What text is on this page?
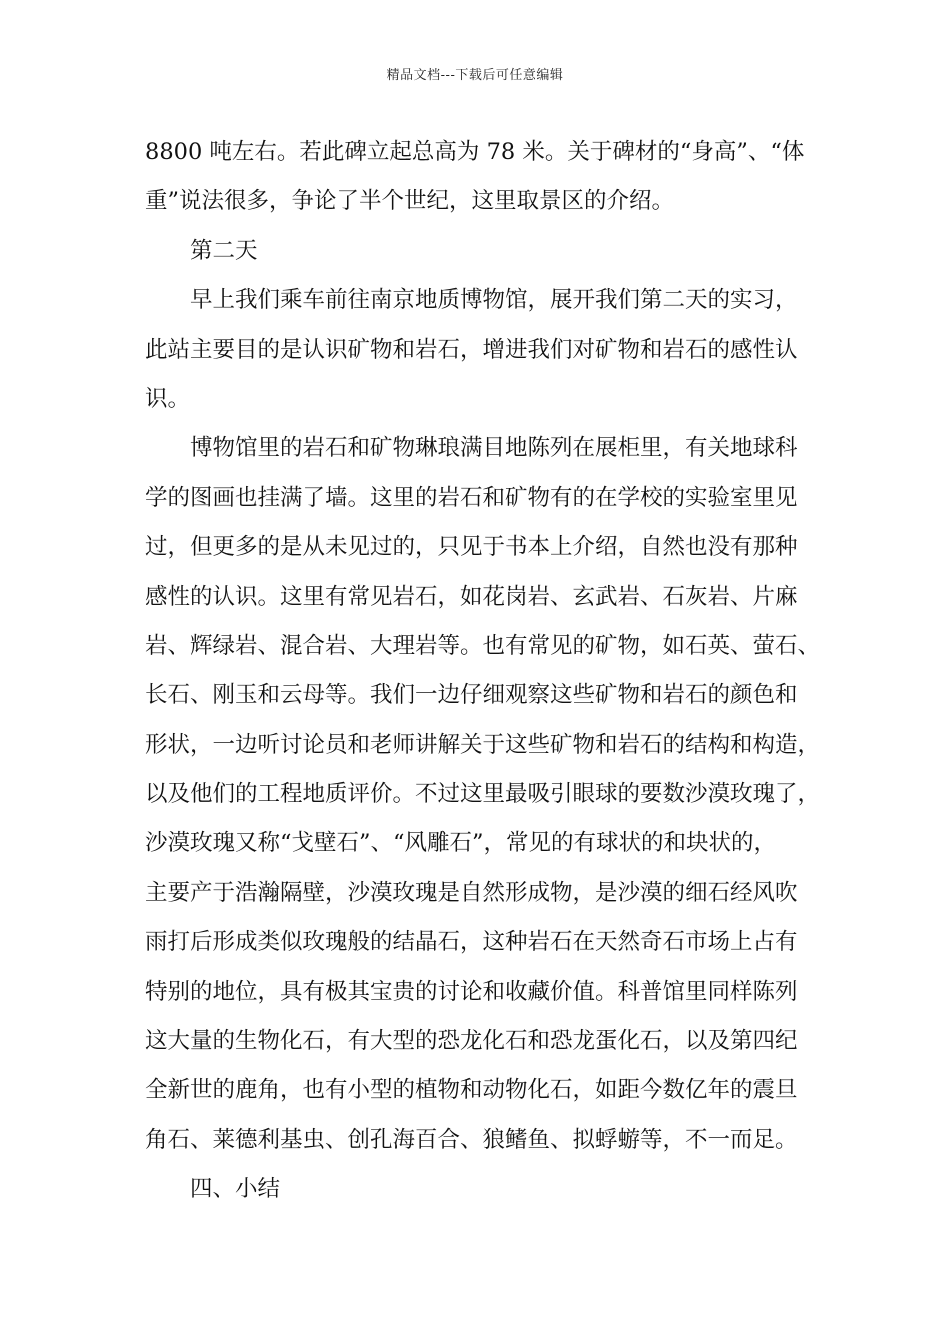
精品文档---下载后可任意编辑
8800 吨左右。若此碑立起总高为 78 米。关于碑材的“身高”、“体
重”说法很多，争论了半个世纪，这里取景区的介绍。
第二天
早上我们乘车前往南京地质博物馆，展开我们第二天的实习，
此站主要目的是认识矿物和岩石，增进我们对矿物和岩石的感性认
识。
博物馆里的岩石和矿物琳琅满目地陈列在展柜里，有关地球科
学的图画也挂满了墙。这里的岩石和矿物有的在学校的实验室里见
过，但更多的是从未见过的，只见于书本上介绍，自然也没有那种
感性的认识。这里有常见岩石，如花岗岩、玄武岩、石灰岩、片麻
岩、辉绿岩、混合岩、大理岩等。也有常见的矿物，如石英、萤石、
长石、刚玉和云母等。我们一边仔细观察这些矿物和岩石的颜色和
形状，一边听讨论员和老师讲解关于这些矿物和岩石的结构和构造，
以及他们的工程地质评价。不过这里最吸引眼球的要数沙漠玫瑰了，
沙漠玫瑰又称“戈壁石”、“风雕石”，常见的有球状的和块状的，
主要产于浩瀚隔壁，沙漠玫瑰是自然形成物，是沙漠的细石经风吹
雨打后形成类似玫瑰般的结晶石，这种岩石在天然奇石市场上占有
特别的地位，具有极其宝贵的讨论和收藏价值。科普馆里同样陈列
这大量的生物化石，有大型的恐龙化石和恐龙蛋化石，以及第四纪
全新世的鹿角，也有小型的植物和动物化石，如距今数亿年的震旦
角石、莱德利基虫、创孔海百合、狼鳍鱼、拟蜉蝣等，不一而足。
四、小结
